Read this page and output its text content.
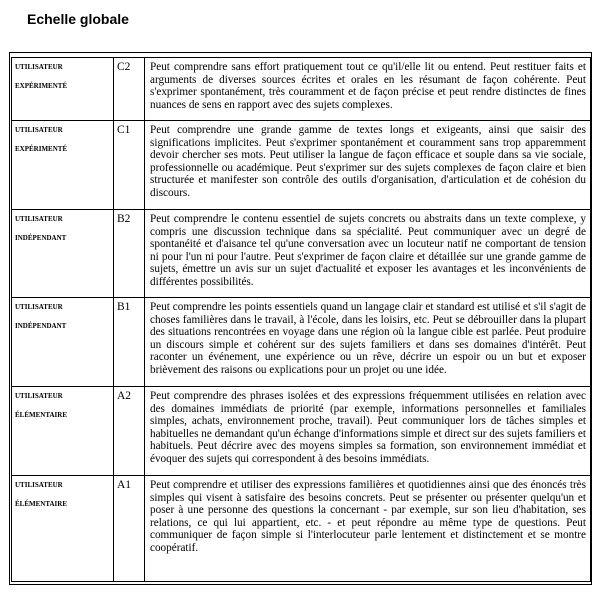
Echelle globale
UTILISATEUR
EXPÉRIMENTÉ	C2	Peut comprendre sans effort pratiquement tout ce qu'il/elle lit ou entend. Peut restituer faits et arguments de diverses sources écrites et orales en les résumant de façon cohérente. Peut s'exprimer spontanément, très couramment et de façon précise et peut rendre distinctes de fines nuances de sens en rapport avec des sujets complexes.

UTILISATEUR
EXPÉRIMENTÉ	C1	Peut comprendre une grande gamme de textes longs et exigeants, ainsi que saisir des significations implicites. Peut s'exprimer spontanément et couramment sans trop apparemment devoir chercher ses mots. Peut utiliser la langue de façon efficace et souple dans sa vie sociale, professionnelle ou académique. Peut s'exprimer sur des sujets complexes de façon claire et bien structurée et manifester son contrôle des outils d'organisation, d'articulation et de cohésion du discours.

UTILISATEUR
INDÉPENDANT	B2	Peut comprendre le contenu essentiel de sujets concrets ou abstraits dans un texte complexe, y compris une discussion technique dans sa spécialité. Peut communiquer avec un degré de spontanéité et d'aisance tel qu'une conversation avec un locuteur natif ne comportant de tension ni pour l'un ni pour l'autre. Peut s'exprimer de façon claire et détaillée sur une grande gamme de sujets, émettre un avis sur un sujet d'actualité et exposer les avantages et les inconvénients de différentes possibilités.

UTILISATEUR
INDÉPENDANT	B1	Peut comprendre les points essentiels quand un langage clair et standard est utilisé et s'il s'agit de choses familières dans le travail, à l'école, dans les loisirs, etc. Peut se débrouiller dans la plupart des situations rencontrées en voyage dans une région où la langue cible est parlée. Peut produire un discours simple et cohérent sur des sujets familiers et dans ses domaines d'intérêt. Peut raconter un événement, une expérience ou un rêve, décrire un espoir ou un but et exposer brièvement des raisons ou explications pour un projet ou une idée.

UTILISATEUR
ÉLÉMENTAIRE	A2	Peut comprendre des phrases isolées et des expressions fréquemment utilisées en relation avec des domaines immédiats de priorité (par exemple, informations personnelles et familiales simples, achats, environnement proche, travail). Peut communiquer lors de tâches simples et habituelles ne demandant qu'un échange d'informations simple et direct sur des sujets familiers et habituels. Peut décrire avec des moyens simples sa formation, son environnement immédiat et évoquer des sujets qui correspondent à des besoins immédiats.

UTILISATEUR
ÉLÉMENTAIRE	A1	Peut comprendre et utiliser des expressions familières et quotidiennes ainsi que des énoncés très simples qui visent à satisfaire des besoins concrets. Peut se présenter ou présenter quelqu'un et poser à une personne des questions la concernant - par exemple, sur son lieu d'habitation, ses relations, ce qui lui appartient, etc. - et peut répondre au même type de questions. Peut communiquer de façon simple si l'interlocuteur parle lentement et distinctement et se montre coopératif.
